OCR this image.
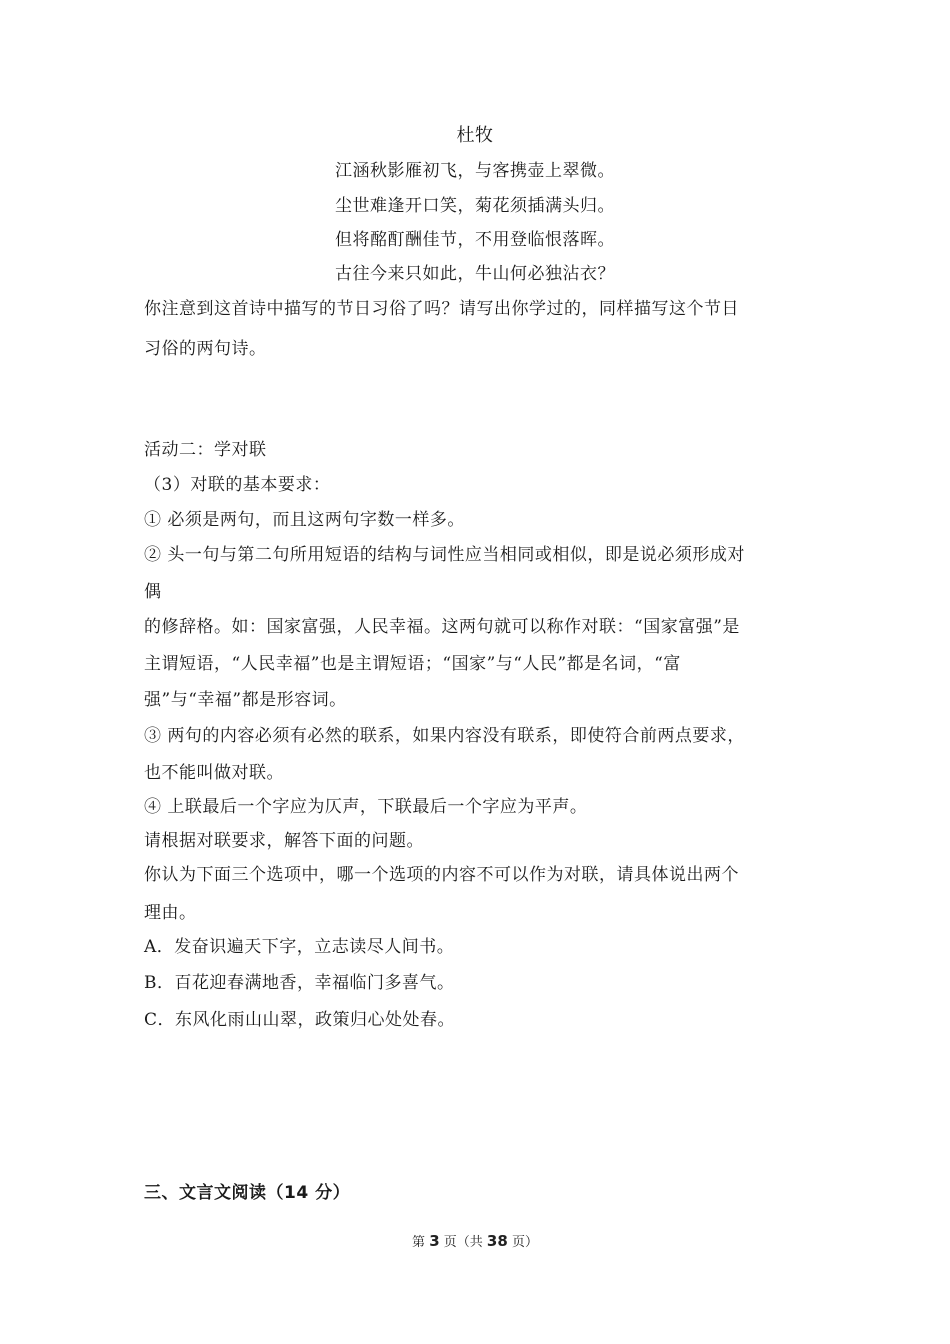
杜牧
江涵秋影雁初飞，与客携壶上翠微。
尘世难逢开口笑，菊花须插满头归。
但将酩酊酬佳节，不用登临恨落晖。
古往今来只如此，牛山何必独沾衣？
你注意到这首诗中描写的节日习俗了吗？请写出你学过的，同样描写这个节日
习俗的两句诗。
活动二：学对联
（3）对联的基本要求：
① 必须是两句，而且这两句字数一样多。
② 头一句与第二句所用短语的结构与词性应当相同或相似，即是说必须形成对
偶
的修辞格。如：国家富强，人民幸福。这两句就可以称作对联：“国家富强”是
主谓短语，“人民幸福”也是主谓短语；“国家”与“人民”都是名词，“富
强”与“幸福”都是形容词。
③ 两句的内容必须有必然的联系，如果内容没有联系，即使符合前两点要求，
也不能叫做对联。
④ 上联最后一个字应为仄声，下联最后一个字应为平声。
请根据对联要求，解答下面的问题。
你认为下面三个选项中，哪一个选项的内容不可以作为对联，请具体说出两个
理由。
A．发奋识遍天下字，立志读尽人间书。
B．百花迎春满地香，幸福临门多喜气。
C．东风化雨山山翠，政策归心处处春。
三、文言文阅读（14 分）
第 3 页（共 38 页）
